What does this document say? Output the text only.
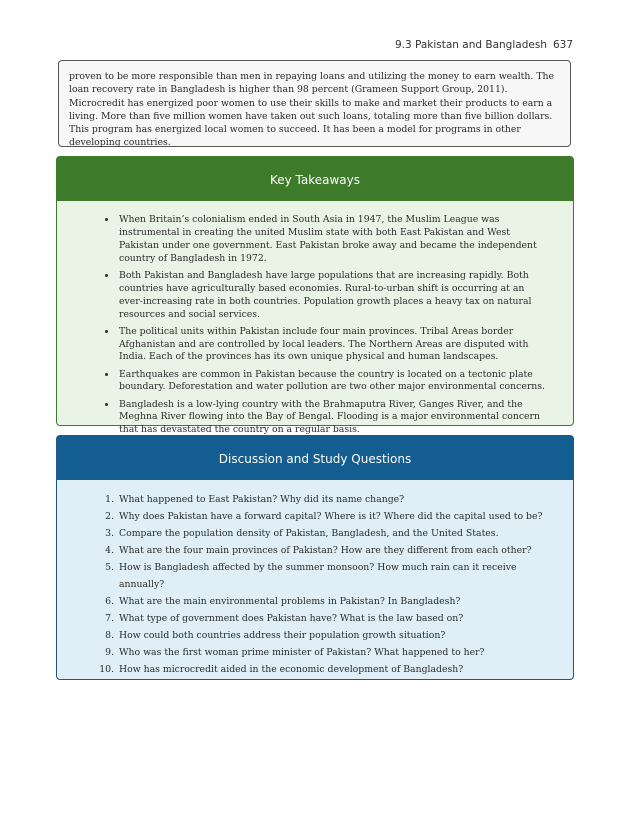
9.3 Pakistan and Bangladesh 637
proven to be more responsible than men in repaying loans and utilizing the money to earn wealth. The loan recovery rate in Bangladesh is higher than 98 percent (Grameen Support Group, 2011). Microcredit has energized poor women to use their skills to make and market their products to earn a living. More than five million women have taken out such loans, totaling more than five billion dollars. This program has energized local women to succeed. It has been a model for programs in other developing countries.
Key Takeaways
• When Britain’s colonialism ended in South Asia in 1947, the Muslim League was instrumental in creating the united Muslim state with both East Pakistan and West Pakistan under one government. East Pakistan broke away and became the independent country of Bangladesh in 1972.
• Both Pakistan and Bangladesh have large populations that are increasing rapidly. Both countries have agriculturally based economies. Rural-to-urban shift is occurring at an ever-increasing rate in both countries. Population growth places a heavy tax on natural resources and social services.
• The political units within Pakistan include four main provinces. Tribal Areas border Afghanistan and are controlled by local leaders. The Northern Areas are disputed with India. Each of the provinces has its own unique physical and human landscapes.
• Earthquakes are common in Pakistan because the country is located on a tectonic plate boundary. Deforestation and water pollution are two other major environmental concerns.
• Bangladesh is a low-lying country with the Brahmaputra River, Ganges River, and the Meghna River flowing into the Bay of Bengal. Flooding is a major environmental concern that has devastated the country on a regular basis.
Discussion and Study Questions
1. What happened to East Pakistan? Why did its name change?
2. Why does Pakistan have a forward capital? Where is it? Where did the capital used to be?
3. Compare the population density of Pakistan, Bangladesh, and the United States.
4. What are the four main provinces of Pakistan? How are they different from each other?
5. How is Bangladesh affected by the summer monsoon? How much rain can it receive annually?
6. What are the main environmental problems in Pakistan? In Bangladesh?
7. What type of government does Pakistan have? What is the law based on?
8. How could both countries address their population growth situation?
9. Who was the first woman prime minister of Pakistan? What happened to her?
10. How has microcredit aided in the economic development of Bangladesh?
